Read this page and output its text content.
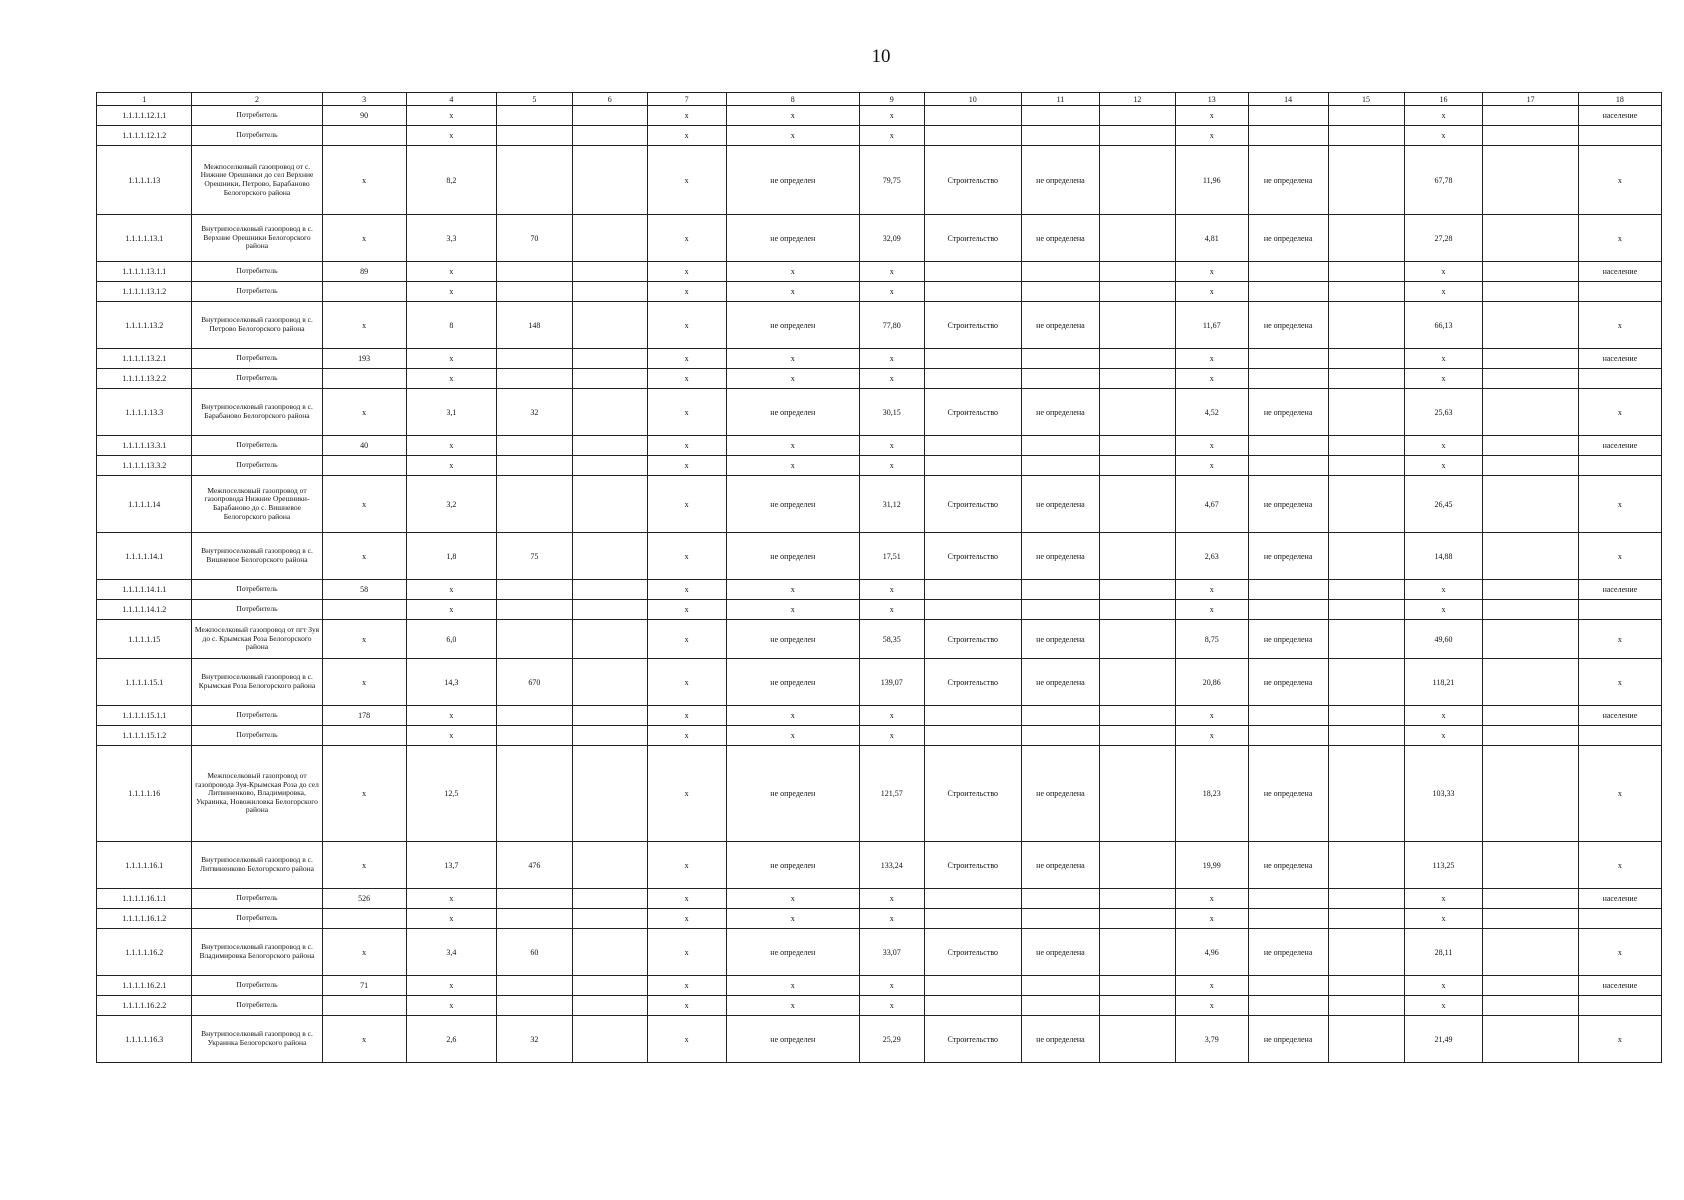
10
1	2	3	4	5	6	7	8	9	10	11	12	13	14	15	16	17	18
1.1.1.1.12.1.1	Потребитель	90	х			х	х	х				х			х		население
1.1.1.1.12.1.2	Потребитель		х			х	х	х				х			х		
1.1.1.1.13	Межпоселковый газопровод от с. Нижние Орешники до сел Верхние Орешники, Петрово, Барабаново Белогорского района	х	8,2			х	не определен	79,75	Строительство	не определена		11,96	не определена		67,78		х
1.1.1.1.13.1	Внутрипоселковый газопровод в с. Верхние Орешники Белогорского района	х	3,3	70		х	не определен	32,09	Строительство	не определена		4,81	не определена		27,28		х
1.1.1.1.13.1.1	Потребитель	89	х			х	х	х				х			х		население
1.1.1.1.13.1.2	Потребитель		х			х	х	х				х			х		
1.1.1.1.13.2	Внутрипоселковый газопровод в с. Петрово Белогорского района	х	8	148		х	не определен	77,80	Строительство	не определена		11,67	не определена		66,13		х
1.1.1.1.13.2.1	Потребитель	193	х			х	х	х				х			х		население
1.1.1.1.13.2.2	Потребитель		х			х	х	х				х			х		
1.1.1.1.13.3	Внутрипоселковый газопровод в с. Барабаново Белогорского района	х	3,1	32		х	не определен	30,15	Строительство	не определена		4,52	не определена		25,63		х
1.1.1.1.13.3.1	Потребитель	40	х			х	х	х				х			х		население
1.1.1.1.13.3.2	Потребитель		х			х	х	х				х			х		
1.1.1.1.14	Межпоселковый газопровод от газопровода Нижние Орешники-Барабаново до с. Вишневое Белогорского района	х	3,2			х	не определен	31,12	Строительство	не определена		4,67	не определена		26,45		х
1.1.1.1.14.1	Внутрипоселковый газопровод в с. Вишневое Белогорского района	х	1,8	75		х	не определен	17,51	Строительство	не определена		2,63	не определена		14,88		х
1.1.1.1.14.1.1	Потребитель	58	х			х	х	х				х			х		население
1.1.1.1.14.1.2	Потребитель		х			х	х	х				х			х		
1.1.1.1.15	Межпоселковый газопровод от пгт Зуя до с. Крымская Роза Белогорского района	х	6,0			х	не определен	58,35	Строительство	не определена		8,75	не определена		49,60		х
1.1.1.1.15.1	Внутрипоселковый газопровод в с. Крымская Роза Белогорского района	х	14,3	670		х	не определен	139,07	Строительство	не определена		20,86	не определена		118,21		х
1.1.1.1.15.1.1	Потребитель	178	х			х	х	х				х			х		население
1.1.1.1.15.1.2	Потребитель		х			х	х	х				х			х		
1.1.1.1.16	Межпоселковый газопровод от газопровода Зуя-Крымская Роза до сел Литвиненково, Владимировка, Украинка, Новожиловка Белогорского района	х	12,5			х	не определен	121,57	Строительство	не определена		18,23	не определена		103,33		х
1.1.1.1.16.1	Внутрипоселковый газопровод в с. Литвиненково Белогорского района	х	13,7	476		х	не определен	133,24	Строительство	не определена		19,99	не определена		113,25		х
1.1.1.1.16.1.1	Потребитель	526	х			х	х	х				х			х		население
1.1.1.1.16.1.2	Потребитель		х			х	х	х				х			х		
1.1.1.1.16.2	Внутрипоселковый газопровод в с. Владимировка Белогорского района	х	3,4	60		х	не определен	33,07	Строительство	не определена		4,96	не определена		28,11		х
1.1.1.1.16.2.1	Потребитель	71	х			х	х	х				х			х		население
1.1.1.1.16.2.2	Потребитель		х			х	х	х				х			х		
1.1.1.1.16.3	Внутрипоселковый газопровод в с. Украинка Белогорского района	х	2,6	32		х	не определен	25,29	Строительство	не определена		3,79	не определена		21,49		х
